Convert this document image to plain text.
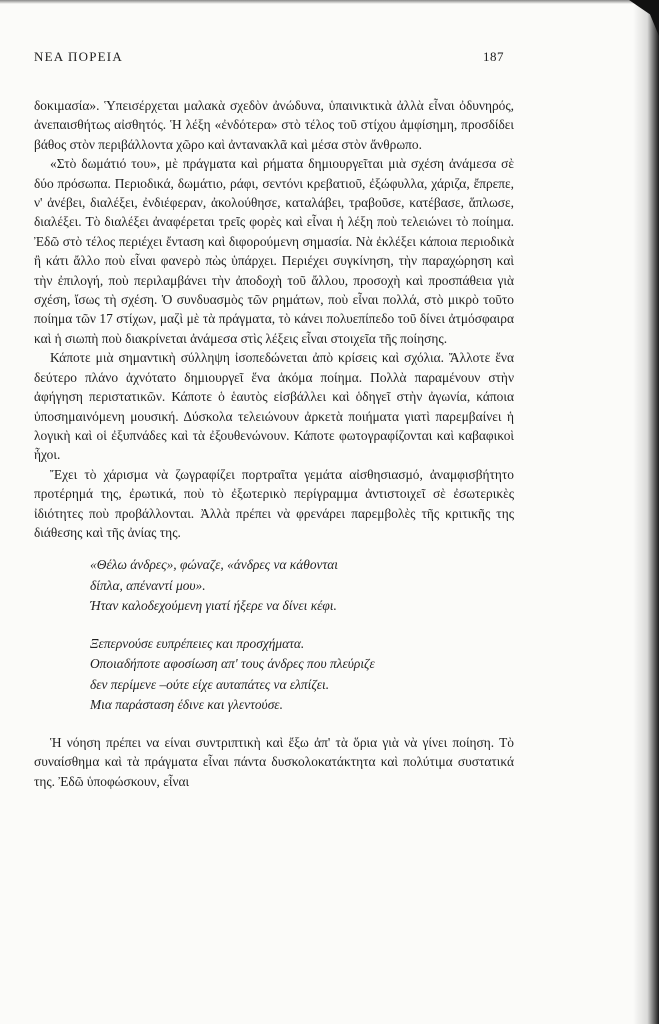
ΝΕΑ ΠΟΡΕΙΑ	187

δοκιμασία». Ὑπεισέρχεται μαλακὰ σχεδὸν ἀνώδυνα, ὑπαινικτικὰ ἀλλὰ εἶναι ὀδυνηρός, ἀνεπαισθήτως αἰσθητός. Ἡ λέξη «ἐνδότερα» στὸ τέλος τοῦ στίχου ἀμφίσημη, προσδίδει βάθος στὸν περιβάλλοντα χῶρο καὶ ἀντανακλᾶ καὶ μέσα στὸν ἄνθρωπο.

«Στὸ δωμάτιό του», μὲ πράγματα καὶ ρήματα δημιουργεῖται μιὰ σχέση ἀνάμεσα σὲ δύο πρόσωπα. Περιοδικά, δωμάτιο, ράφι, σεντόνι κρεβατιοῦ, ἐξώφυλλα, χάριζα, ἔπρεπε, ν' ἀνέβει, διαλέξει, ἐνδιέφεραν, ἀκολούθησε, καταλάβει, τραβοῦσε, κατέβασε, ἅπλωσε, διαλέξει. Τὸ διαλέξει ἀναφέρεται τρεῖς φορὲς καὶ εἶναι ἡ λέξη ποὺ τελειώνει τὸ ποίημα. Ἐδῶ στὸ τέλος περιέχει ἔνταση καὶ διφορούμενη σημασία. Νὰ ἐκλέξει κάποια περιοδικὰ ἢ κάτι ἄλλο ποὺ εἶναι φανερὸ πὼς ὑπάρχει. Περιέχει συγκίνηση, τὴν παραχώρηση καὶ τὴν ἐπιλογή, ποὺ περιλαμβάνει τὴν ἀποδοχὴ τοῦ ἄλλου, προσοχὴ καὶ προσπάθεια γιὰ σχέση, ἴσως τὴ σχέση. Ὁ συνδυασμὸς τῶν ρημάτων, ποὺ εἶναι πολλά, στὸ μικρὸ τοῦτο ποίημα τῶν 17 στίχων, μαζὶ μὲ τὰ πράγματα, τὸ κάνει πολυεπίπεδο τοῦ δίνει ἀτμόσφαιρα καὶ ἡ σιωπὴ ποὺ διακρίνεται ἀνάμεσα στὶς λέξεις εἶναι στοιχεῖα τῆς ποίησης.

Κάποτε μιὰ σημαντικὴ σύλληψη ἰσοπεδώνεται ἀπὸ κρίσεις καὶ σχόλια. Ἄλλοτε ἕνα δεύτερο πλάνο ἀχνότατο δημιουργεῖ ἕνα ἀκόμα ποίημα. Πολλὰ παραμένουν στὴν ἀφήγηση περιστατικῶν. Κάποτε ὁ ἑαυτὸς εἰσβάλλει καὶ ὁδηγεῖ στὴν ἀγωνία, κάποια ὑποσημαινόμενη μουσική. Δύσκολα τελειώνουν ἀρκετὰ ποιήματα γιατὶ παρεμβαίνει ἡ λογικὴ καὶ οἱ ἐξυπνάδες καὶ τὰ ἐξουθενώνουν. Κάποτε φωτογραφίζονται καὶ καβαφικοὶ ἦχοι.

Ἔχει τὸ χάρισμα νὰ ζωγραφίζει πορτραῖτα γεμάτα αἰσθησιασμό, ἀναμφισβήτητο προτέρημά της, ἐρωτικά, ποὺ τὸ ἐξωτερικὸ περίγραμμα ἀντιστοιχεῖ σὲ ἐσωτερικὲς ἰδιότητες ποὺ προβάλλονται. Ἀλλὰ πρέπει νὰ φρενάρει παρεμβολὲς τῆς κριτικῆς της διάθεσης καὶ τῆς ἀνίας της.

«Θέλω άνδρες», φώναζε, «άνδρες να κάθονται
δίπλα, απέναντί μου».
Ήταν καλοδεχούμενη γιατί ήξερε να δίνει κέφι.
Ξεπερνούσε ευπρέπειες και προσχήματα.
Οποιαδήποτε αφοσίωση απ' τους άνδρες που πλεύριζε
δεν περίμενε –ούτε είχε αυταπάτες να ελπίζει.
Μια παράσταση έδινε και γλεντούσε.

Ἡ νόηση πρέπει να είναι συντριπτικὴ καὶ ἔξω ἀπ' τὰ ὅρια γιὰ νὰ γίνει ποίηση. Τὸ συναίσθημα καὶ τὰ πράγματα εἶναι πάντα δυσκολοκατάκτητα καὶ πολύτιμα συστατικά της. Ἐδῶ ὑποφώσκουν, εἶναι
